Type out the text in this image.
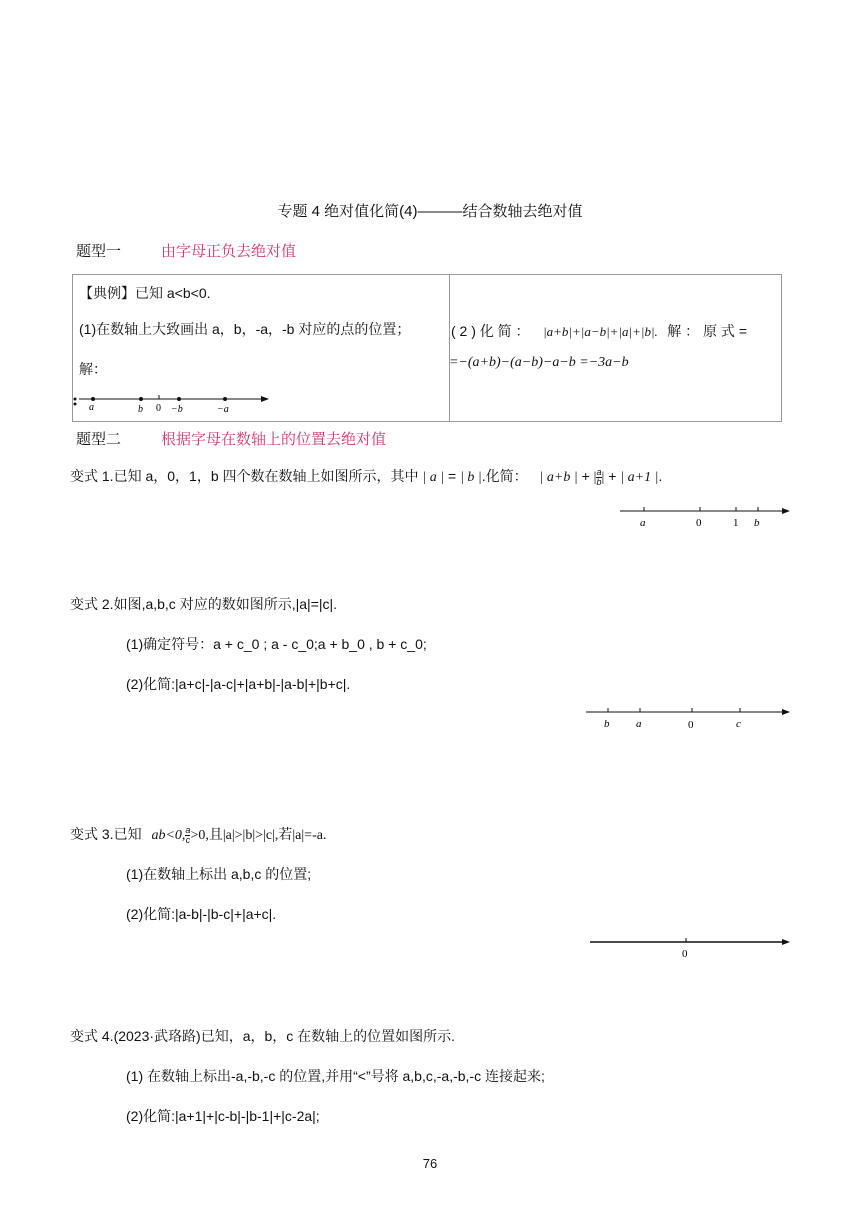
专题 4 绝对值化简(4)———结合数轴去绝对值
题型一	由字母正负去绝对值
【典例】已知 a<b<0.
(1)在数轴上大致画出 a，b，-a，-b 对应的点的位置；
解：
a	b 0 −b	−a
( 2 ) 化 简 ： |a+b|+|a−b|+|a|+|b|. 解 ： 原 式 =
=−(a+b)−(a−b)−a−b =−3a−b
题型二	根据字母在数轴上的位置去绝对值
变式 1.已知 a，0，1，b 四个数在数轴上如图所示，其中 | a | = | b |.化简： | a+b | + | $\frac{a}{b}$ | + | a+1 |.
a	0	1 b
变式 2.如图,a,b,c 对应的数如图所示,|a|=|c|.
(1)确定符号：a + c_0 ; a - c_0;a + b_0 , b + c_0;
(2)化简:|a+c|-|a-c|+|a+b|-|a-b|+|b+c|.
b a	0	c
变式 3.已知 ab<0, $\frac{a}{c} >0$,且|a|>|b|>|c|,若|a|=-a.
(1)在数轴上标出 a,b,c 的位置;
(2)化简:|a-b|-|b-c|+|a+c|.
0
变式 4.(2023·武珞路)已知，a，b，c 在数轴上的位置如图所示.
(1) 在数轴上标出-a,-b,-c 的位置,并用“<”号将 a,b,c,-a,-b,-c 连接起来;
(2)化简:|a+1|+|c-b|-|b-1|+|c-2a|;
76
